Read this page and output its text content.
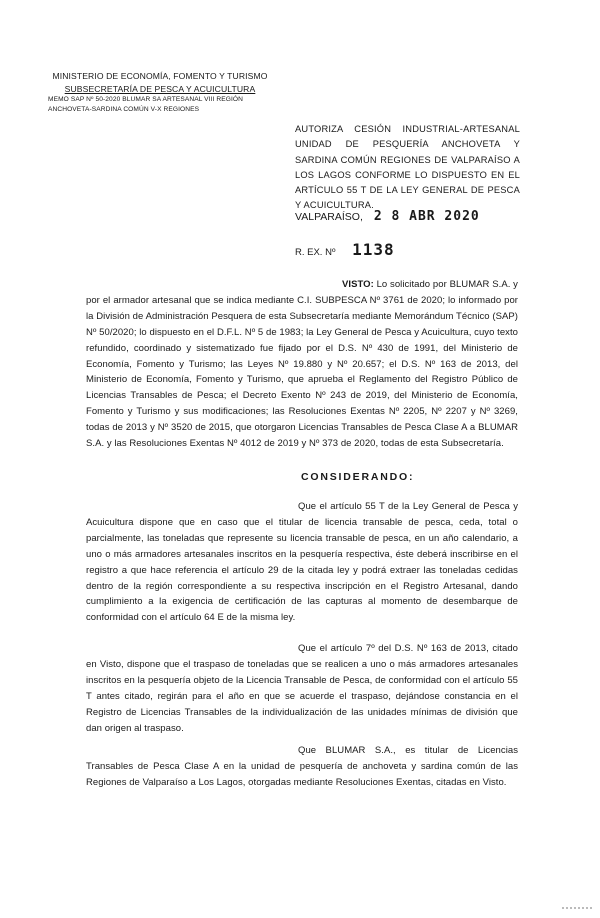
MINISTERIO DE ECONOMÍA, FOMENTO Y TURISMO
SUBSECRETARÍA DE PESCA Y ACUICULTURA
MEMO SAP Nº 50-2020 BLUMAR SA ARTESANAL VIII REGIÓN
ANCHOVETA-SARDINA COMÚN V-X REGIONES
AUTORIZA CESIÓN INDUSTRIAL-ARTESANAL UNIDAD DE PESQUERÍA ANCHOVETA Y SARDINA COMÚN REGIONES DE VALPARAÍSO A LOS LAGOS CONFORME LO DISPUESTO EN EL ARTÍCULO 55 T DE LA LEY GENERAL DE PESCA Y ACUICULTURA.
VALPARAÍSO, 2 8 ABR 2020
R. EX. Nº 1138
VISTO: Lo solicitado por BLUMAR S.A. y por el armador artesanal que se indica mediante C.I. SUBPESCA Nº 3761 de 2020; lo informado por la División de Administración Pesquera de esta Subsecretaría mediante Memorándum Técnico (SAP) Nº 50/2020; lo dispuesto en el D.F.L. Nº 5 de 1983; la Ley General de Pesca y Acuicultura, cuyo texto refundido, coordinado y sistematizado fue fijado por el D.S. Nº 430 de 1991, del Ministerio de Economía, Fomento y Turismo; las Leyes Nº 19.880 y Nº 20.657; el D.S. Nº 163 de 2013, del Ministerio de Economía, Fomento y Turismo, que aprueba el Reglamento del Registro Público de Licencias Transables de Pesca; el Decreto Exento Nº 243 de 2019, del Ministerio de Economía, Fomento y Turismo y sus modificaciones; las Resoluciones Exentas Nº 2205, Nº 2207 y Nº 3269, todas de 2013 y Nº 3520 de 2015, que otorgaron Licencias Transables de Pesca Clase A a BLUMAR S.A. y las Resoluciones Exentas Nº 4012 de 2019 y Nº 373 de 2020, todas de esta Subsecretaría.
CONSIDERANDO:
Que el artículo 55 T de la Ley General de Pesca y Acuicultura dispone que en caso que el titular de licencia transable de pesca, ceda, total o parcialmente, las toneladas que represente su licencia transable de pesca, en un año calendario, a uno o más armadores artesanales inscritos en la pesquería respectiva, éste deberá inscribirse en el registro a que hace referencia el artículo 29 de la citada ley y podrá extraer las toneladas cedidas dentro de la región correspondiente a su respectiva inscripción en el Registro Artesanal, dando cumplimiento a la exigencia de certificación de las capturas al momento de desembarque de conformidad con el artículo 64 E de la misma ley.
Que el artículo 7º del D.S. Nº 163 de 2013, citado en Visto, dispone que el traspaso de toneladas que se realicen a uno o más armadores artesanales inscritos en la pesquería objeto de la Licencia Transable de Pesca, de conformidad con el artículo 55 T antes citado, regirán para el año en que se acuerde el traspaso, dejándose constancia en el Registro de Licencias Transables de la individualización de las unidades mínimas de división que dan origen al traspaso.
Que BLUMAR S.A., es titular de Licencias Transables de Pesca Clase A en la unidad de pesquería de anchoveta y sardina común de las Regiones de Valparaíso a Los Lagos, otorgadas mediante Resoluciones Exentas, citadas en Visto.
